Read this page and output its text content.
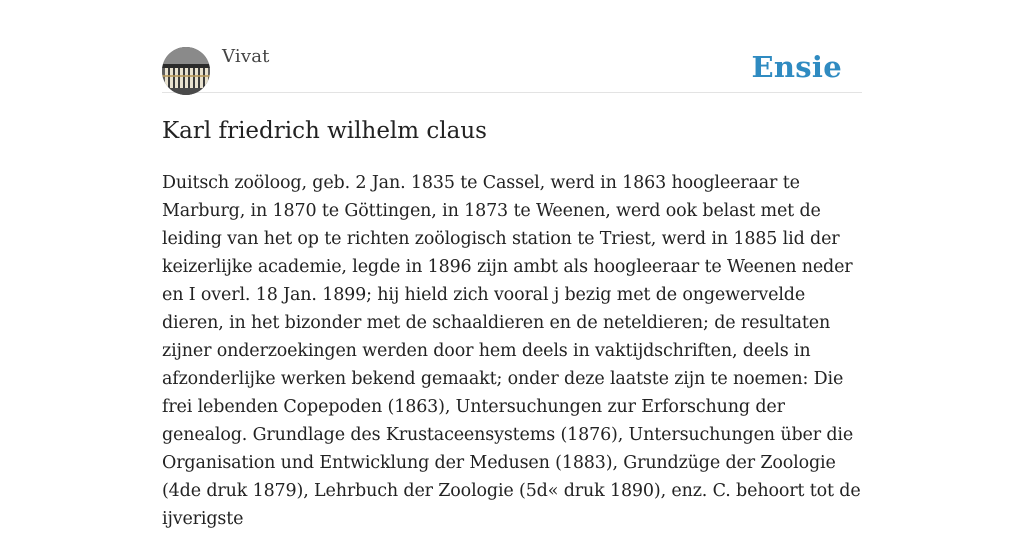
Vivat	Ensie
Karl friedrich wilhelm claus

Duitsch zoöloog, geb. 2 Jan. 1835 te Cassel, werd in 1863 hoogleeraar te Marburg, in 1870 te Göttingen, in 1873 te Weenen, werd ook belast met de leiding van het op te richten zoölogisch station te Triest, werd in 1885 lid der keizerlijke academie, legde in 1896 zijn ambt als hoogleeraar te Weenen neder en I overl. 18 Jan. 1899; hij hield zich vooral j bezig met de ongewervelde dieren, in het bizonder met de schaaldieren en de neteldieren; de resultaten zijner onderzoekingen werden door hem deels in vaktijdschriften, deels in afzonderlijke werken bekend gemaakt; onder deze laatste zijn te noemen: Die frei lebenden Copepoden (1863), Untersuchungen zur Erforschung der genealog. Grundlage des Krustaceensystems (1876), Untersuchungen über die Organisation und Entwicklung der Medusen (1883), Grundzüge der Zoologie (4de druk 1879), Lehrbuch der Zoologie (5d« druk 1890), enz. C. behoort tot de ijverigste
